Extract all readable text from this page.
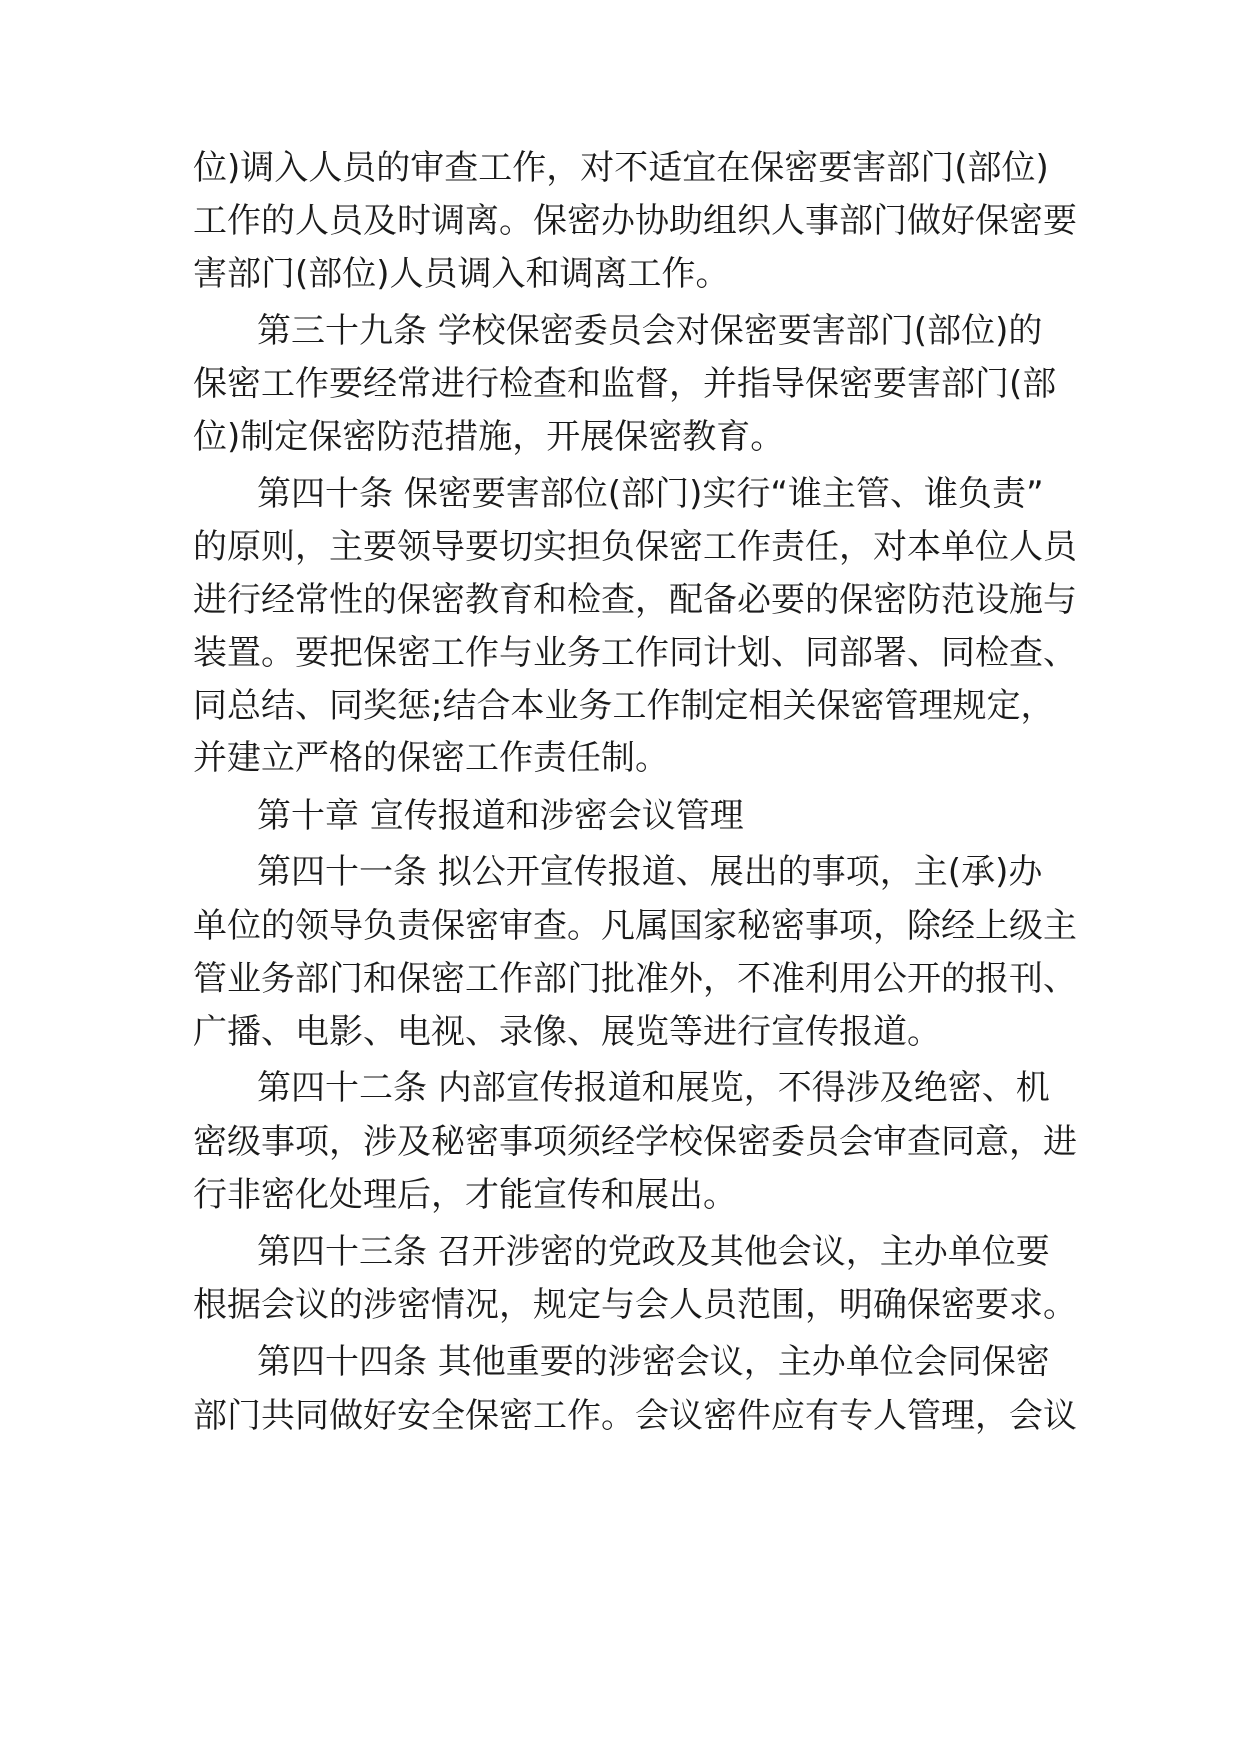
位)调入人员的审查工作，对不适宜在保密要害部门(部位)
工作的人员及时调离。保密办协助组织人事部门做好保密要
害部门(部位)人员调入和调离工作。
第三十九条 学校保密委员会对保密要害部门(部位)的
保密工作要经常进行检查和监督，并指导保密要害部门(部
位)制定保密防范措施，开展保密教育。
第四十条 保密要害部位(部门)实行“谁主管、谁负责”
的原则，主要领导要切实担负保密工作责任，对本单位人员
进行经常性的保密教育和检查，配备必要的保密防范设施与
装置。要把保密工作与业务工作同计划、同部署、同检查、
同总结、同奖惩;结合本业务工作制定相关保密管理规定，
并建立严格的保密工作责任制。
第十章 宣传报道和涉密会议管理
第四十一条 拟公开宣传报道、展出的事项，主(承)办
单位的领导负责保密审查。凡属国家秘密事项，除经上级主
管业务部门和保密工作部门批准外，不准利用公开的报刊、
广播、电影、电视、录像、展览等进行宣传报道。
第四十二条 内部宣传报道和展览，不得涉及绝密、机
密级事项，涉及秘密事项须经学校保密委员会审查同意，进
行非密化处理后，才能宣传和展出。
第四十三条 召开涉密的党政及其他会议，主办单位要
根据会议的涉密情况，规定与会人员范围，明确保密要求。
第四十四条 其他重要的涉密会议，主办单位会同保密
部门共同做好安全保密工作。会议密件应有专人管理，会议
